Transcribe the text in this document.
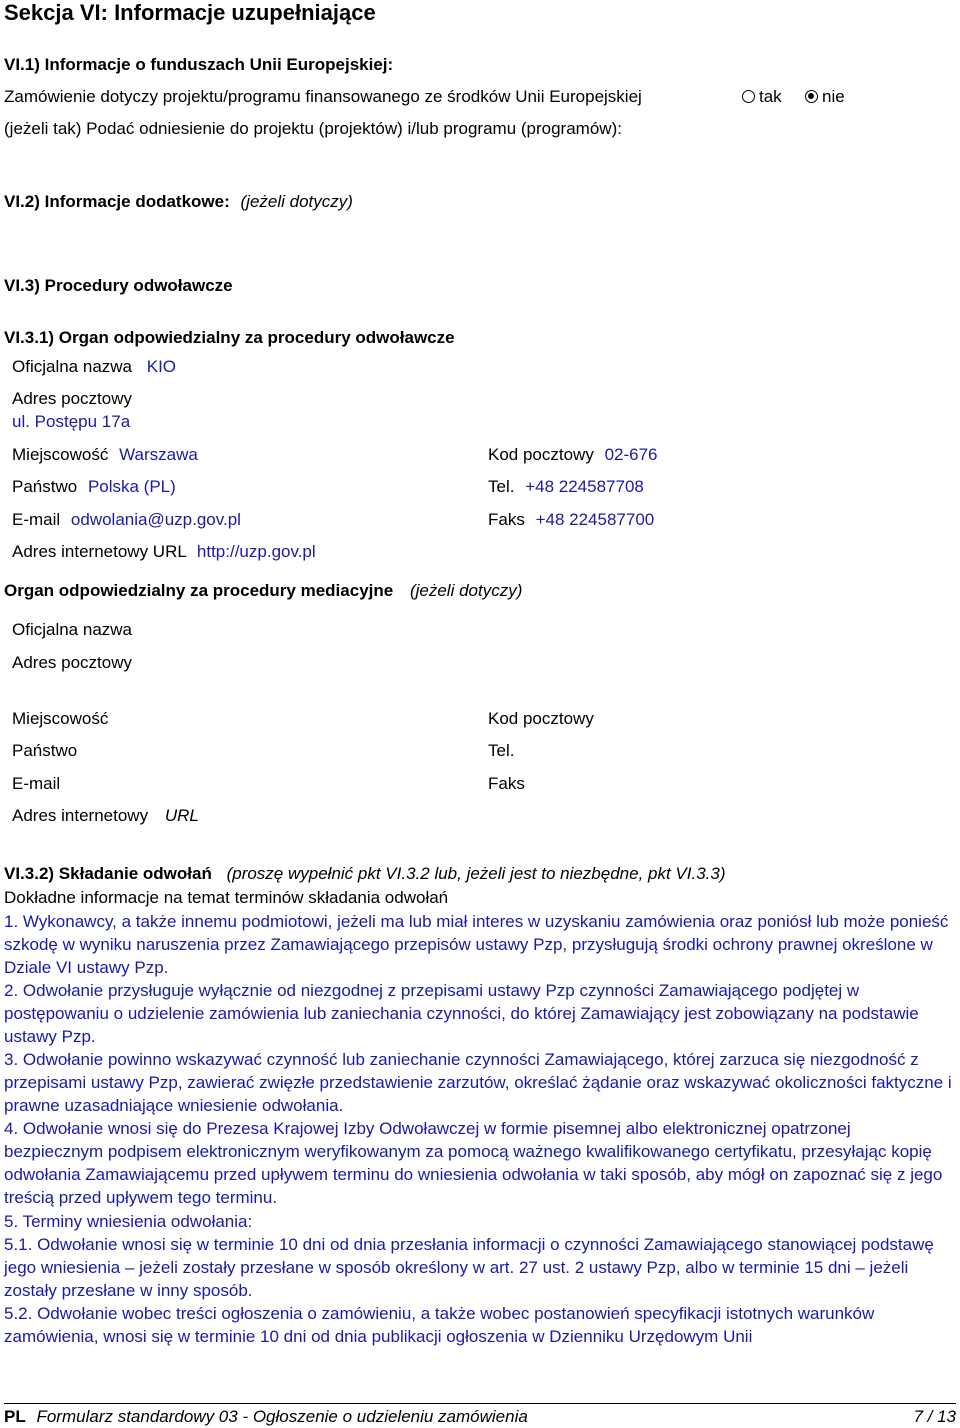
Sekcja VI: Informacje uzupełniające
VI.1) Informacje o funduszach Unii Europejskiej:
Zamówienie dotyczy projektu/programu finansowanego ze środków Unii Europejskiej	tak	nie
(jeżeli tak) Podać odniesienie do projektu (projektów) i/lub programu (programów):
VI.2) Informacje dodatkowe: (jeżeli dotyczy)
VI.3) Procedury odwoławcze
VI.3.1) Organ odpowiedzialny za procedury odwoławcze
Oficjalna nazwa KIO
Adres pocztowy
ul. Postępu 17a
Miejscowość Warszawa	Kod pocztowy 02-676
Państwo Polska (PL)	Tel. +48 224587708
E-mail odwolania@uzp.gov.pl	Faks +48 224587700
Adres internetowy URL http://uzp.gov.pl
Organ odpowiedzialny za procedury mediacyjne (jeżeli dotyczy)
Oficjalna nazwa
Adres pocztowy
Miejscowość	Kod pocztowy
Państwo	Tel.
E-mail	Faks
Adres internetowy URL
VI.3.2) Składanie odwołań (proszę wypełnić pkt VI.3.2 lub, jeżeli jest to niezbędne, pkt VI.3.3)
Dokładne informacje na temat terminów składania odwołań
1. Wykonawcy, a także innemu podmiotowi, jeżeli ma lub miał interes w uzyskaniu zamówienia oraz poniósł lub może ponieść szkodę w wyniku naruszenia przez Zamawiającego przepisów ustawy Pzp, przysługują środki ochrony prawnej określone w Dziale VI ustawy Pzp.
2. Odwołanie przysługuje wyłącznie od niezgodnej z przepisami ustawy Pzp czynności Zamawiającego podjętej w postępowaniu o udzielenie zamówienia lub zaniechania czynności, do której Zamawiający jest zobowiązany na podstawie ustawy Pzp.
3. Odwołanie powinno wskazywać czynność lub zaniechanie czynności Zamawiającego, której zarzuca się niezgodność z przepisami ustawy Pzp, zawierać zwięzłe przedstawienie zarzutów, określać żądanie oraz wskazywać okoliczności faktyczne i prawne uzasadniające wniesienie odwołania.
4. Odwołanie wnosi się do Prezesa Krajowej Izby Odwoławczej w formie pisemnej albo elektronicznej opatrzonej bezpiecznym podpisem elektronicznym weryfikowanym za pomocą ważnego kwalifikowanego certyfikatu, przesyłając kopię odwołania Zamawiającemu przed upływem terminu do wniesienia odwołania w taki sposób, aby mógł on zapoznać się z jego treścią przed upływem tego terminu.
5. Terminy wniesienia odwołania:
5.1. Odwołanie wnosi się w terminie 10 dni od dnia przesłania informacji o czynności Zamawiającego stanowiącej podstawę jego wniesienia – jeżeli zostały przesłane w sposób określony w art. 27 ust. 2 ustawy Pzp, albo w terminie 15 dni – jeżeli zostały przesłane w inny sposób.
5.2. Odwołanie wobec treści ogłoszenia o zamówieniu, a także wobec postanowień specyfikacji istotnych warunków zamówienia, wnosi się w terminie 10 dni od dnia publikacji ogłoszenia w Dzienniku Urzędowym Unii
PL Formularz standardowy 03 - Ogłoszenie o udzieleniu zamówienia	7 / 13
